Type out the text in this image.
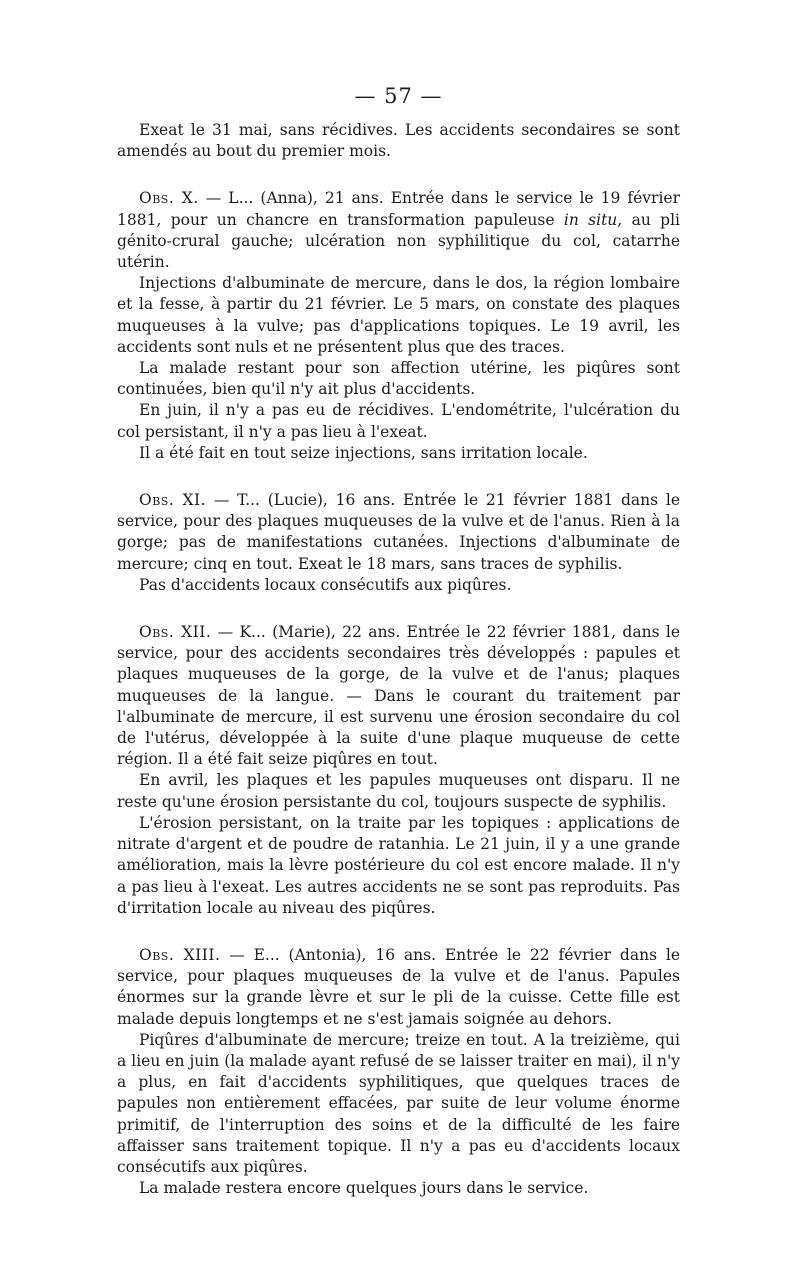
— 57 —

Exeat le 31 mai, sans récidives. Les accidents secondaires se sont amendés au bout du premier mois.

Obs. X. — L... (Anna), 21 ans. Entrée dans le service le 19 février 1881, pour un chancre en transformation papuleuse in situ, au pli génito-crural gauche; ulcération non syphilitique du col, catarrhe utérin.

Injections d'albuminate de mercure, dans le dos, la région lombaire et la fesse, à partir du 21 février. Le 5 mars, on constate des plaques muqueuses à la vulve; pas d'applications topiques. Le 19 avril, les accidents sont nuls et ne présentent plus que des traces.

La malade restant pour son affection utérine, les piqûres sont continuées, bien qu'il n'y ait plus d'accidents.

En juin, il n'y a pas eu de récidives. L'endométrite, l'ulcération du col persistant, il n'y a pas lieu à l'exeat.

Il a été fait en tout seize injections, sans irritation locale.

Obs. XI. — T... (Lucie), 16 ans. Entrée le 21 février 1881 dans le service, pour des plaques muqueuses de la vulve et de l'anus. Rien à la gorge; pas de manifestations cutanées. Injections d'albuminate de mercure; cinq en tout. Exeat le 18 mars, sans traces de syphilis.

Pas d'accidents locaux consécutifs aux piqûres.

Obs. XII. — K... (Marie), 22 ans. Entrée le 22 février 1881, dans le service, pour des accidents secondaires très développés : papules et plaques muqueuses de la gorge, de la vulve et de l'anus; plaques muqueuses de la langue. — Dans le courant du traitement par l'albuminate de mercure, il est survenu une érosion secondaire du col de l'utérus, développée à la suite d'une plaque muqueuse de cette région. Il a été fait seize piqûres en tout.

En avril, les plaques et les papules muqueuses ont disparu. Il ne reste qu'une érosion persistante du col, toujours suspecte de syphilis.

L'érosion persistant, on la traite par les topiques : applications de nitrate d'argent et de poudre de ratanhia. Le 21 juin, il y a une grande amélioration, mais la lèvre postérieure du col est encore malade. Il n'y a pas lieu à l'exeat. Les autres accidents ne se sont pas reproduits. Pas d'irritation locale au niveau des piqûres.

Obs. XIII. — E... (Antonia), 16 ans. Entrée le 22 février dans le service, pour plaques muqueuses de la vulve et de l'anus. Papules énormes sur la grande lèvre et sur le pli de la cuisse. Cette fille est malade depuis longtemps et ne s'est jamais soignée au dehors.

Piqûres d'albuminate de mercure; treize en tout. A la treizième, qui a lieu en juin (la malade ayant refusé de se laisser traiter en mai), il n'y a plus, en fait d'accidents syphilitiques, que quelques traces de papules non entièrement effacées, par suite de leur volume énorme primitif, de l'interruption des soins et de la difficulté de les faire affaisser sans traitement topique. Il n'y a pas eu d'accidents locaux consécutifs aux piqûres.

La malade restera encore quelques jours dans le service.
